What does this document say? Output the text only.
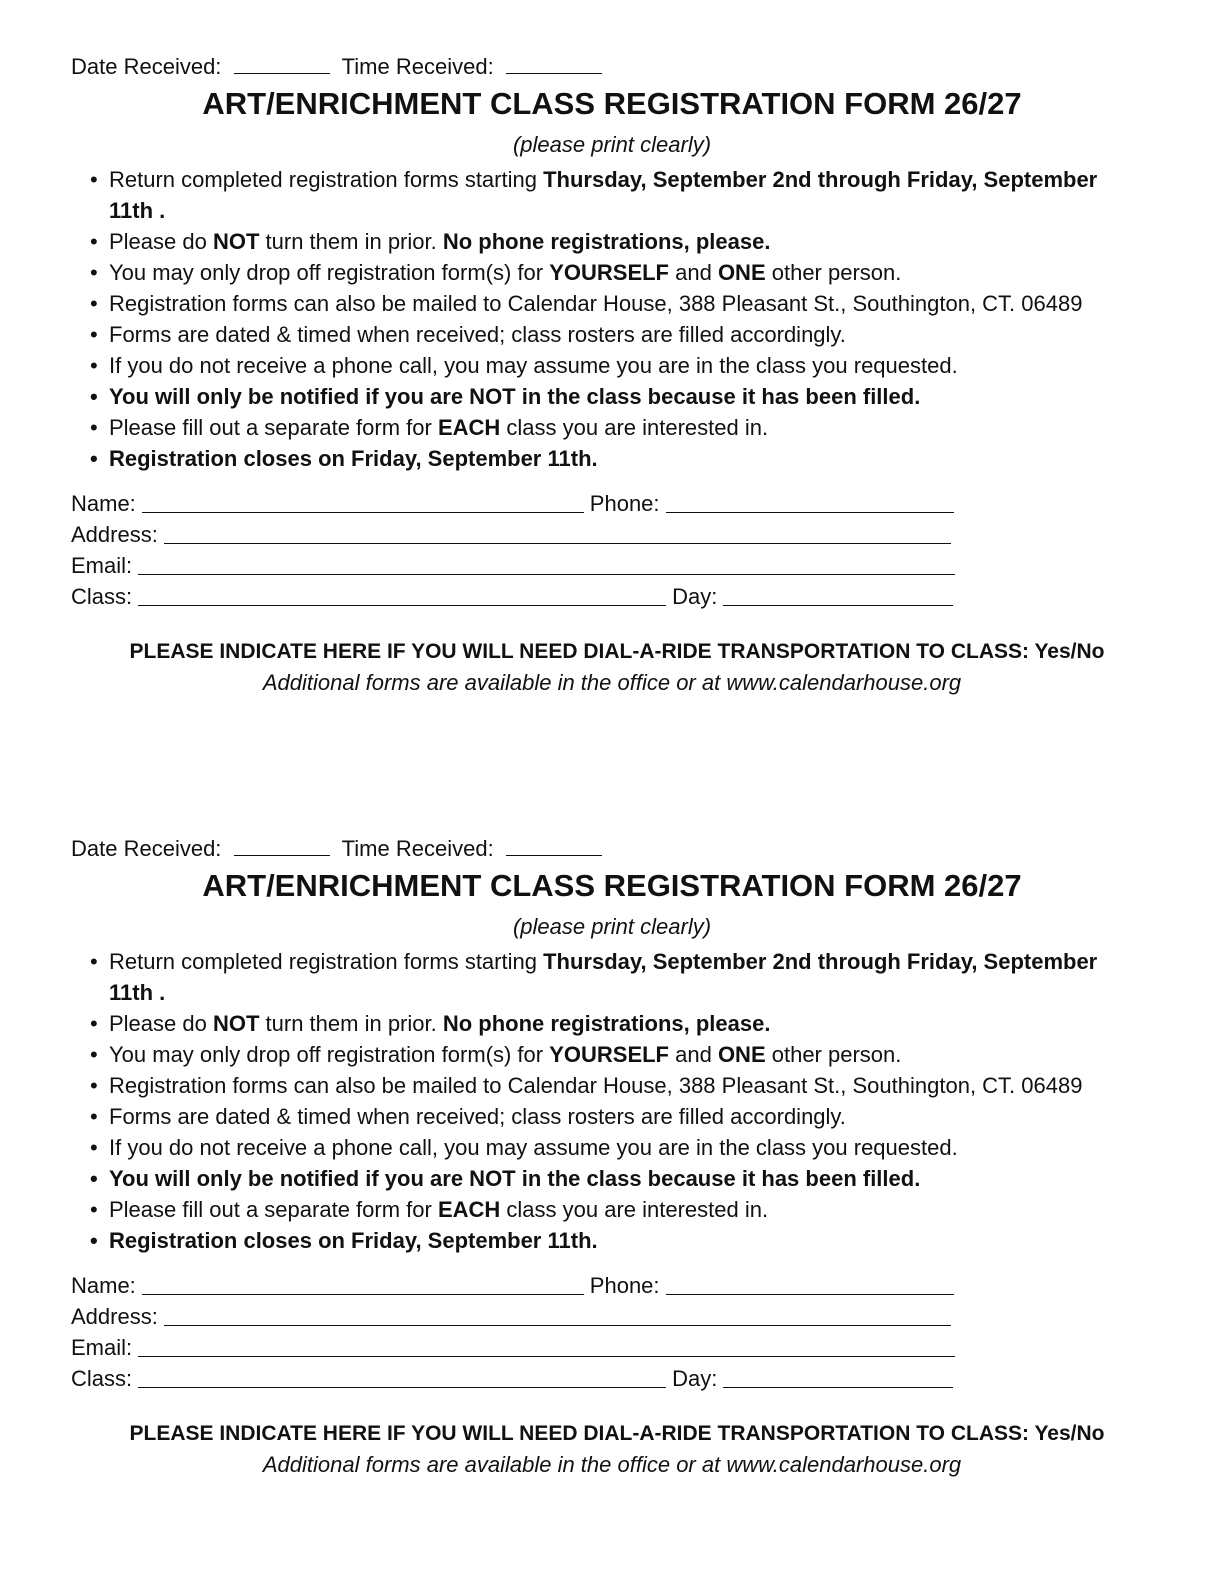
Date Received:	Time Received:
ART/ENRICHMENT CLASS REGISTRATION FORM 26/27

(please print clearly)

• Return completed registration forms starting Thursday, September 2nd through Friday, September 11th .
• Please do NOT turn them in prior. No phone registrations, please.
• You may only drop off registration form(s) for YOURSELF and ONE other person.
• Registration forms can also be mailed to Calendar House, 388 Pleasant St., Southington, CT. 06489
• Forms are dated & timed when received; class rosters are filled accordingly.
• If you do not receive a phone call, you may assume you are in the class you requested.
• You will only be notified if you are NOT in the class because it has been filled.
• Please fill out a separate form for EACH class you are interested in.
• Registration closes on Friday, September 11th.
Name:	Phone:
Address:
Email:
Class:	Day:

PLEASE INDICATE HERE IF YOU WILL NEED DIAL-A-RIDE TRANSPORTATION TO CLASS: Yes/No

Additional forms are available in the office or at www.calendarhouse.org

Date Received:	Time Received:
ART/ENRICHMENT CLASS REGISTRATION FORM 26/27

(please print clearly)

• Return completed registration forms starting Thursday, September 2nd through Friday, September 11th .
• Please do NOT turn them in prior. No phone registrations, please.
• You may only drop off registration form(s) for YOURSELF and ONE other person.
• Registration forms can also be mailed to Calendar House, 388 Pleasant St., Southington, CT. 06489
• Forms are dated & timed when received; class rosters are filled accordingly.
• If you do not receive a phone call, you may assume you are in the class you requested.
• You will only be notified if you are NOT in the class because it has been filled.
• Please fill out a separate form for EACH class you are interested in.
• Registration closes on Friday, September 11th.
Name:	Phone:
Address:
Email:
Class:	Day:

PLEASE INDICATE HERE IF YOU WILL NEED DIAL-A-RIDE TRANSPORTATION TO CLASS: Yes/No

Additional forms are available in the office or at www.calendarhouse.org
